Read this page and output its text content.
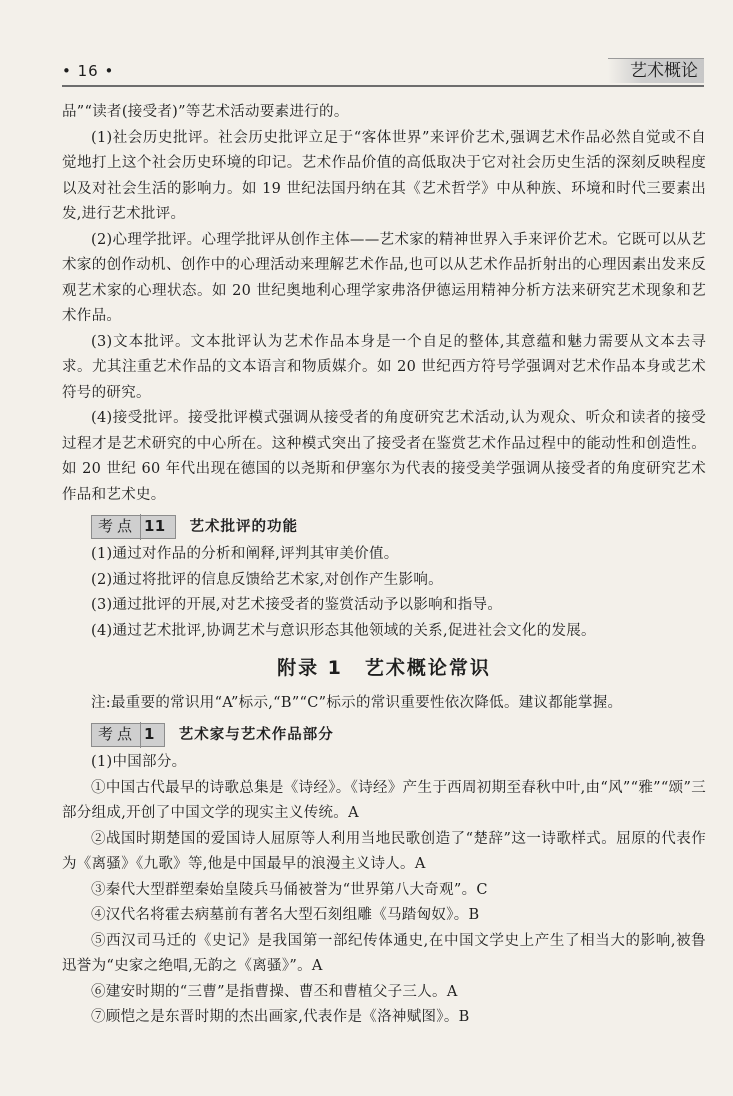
• 16 •	艺术概论

品”“读者(接受者)”等艺术活动要素进行的。

(1)社会历史批评。社会历史批评立足于“客体世界”来评价艺术,强调艺术作品必然自觉或不自觉地打上这个社会历史环境的印记。艺术作品价值的高低取决于它对社会历史生活的深刻反映程度以及对社会生活的影响力。如 19 世纪法国丹纳在其《艺术哲学》中从种族、环境和时代三要素出发,进行艺术批评。

(2)心理学批评。心理学批评从创作主体——艺术家的精神世界入手来评价艺术。它既可以从艺术家的创作动机、创作中的心理活动来理解艺术作品,也可以从艺术作品折射出的心理因素出发来反观艺术家的心理状态。如 20 世纪奥地利心理学家弗洛伊德运用精神分析方法来研究艺术现象和艺术作品。

(3)文本批评。文本批评认为艺术作品本身是一个自足的整体,其意蕴和魅力需要从文本去寻求。尤其注重艺术作品的文本语言和物质媒介。如 20 世纪西方符号学强调对艺术作品本身或艺术符号的研究。

(4)接受批评。接受批评模式强调从接受者的角度研究艺术活动,认为观众、听众和读者的接受过程才是艺术研究的中心所在。这种模式突出了接受者在鉴赏艺术作品过程中的能动性和创造性。如 20 世纪 60 年代出现在德国的以尧斯和伊塞尔为代表的接受美学强调从接受者的角度研究艺术作品和艺术史。

考点 11 艺术批评的功能

(1)通过对作品的分析和阐释,评判其审美价值。

(2)通过将批评的信息反馈给艺术家,对创作产生影响。

(3)通过批评的开展,对艺术接受者的鉴赏活动予以影响和指导。

(4)通过艺术批评,协调艺术与意识形态其他领域的关系,促进社会文化的发展。

附录 1 艺术概论常识

注:最重要的常识用“A”标示,“B”“C”标示的常识重要性依次降低。建议都能掌握。

考点 1 艺术家与艺术作品部分

(1)中国部分。

①中国古代最早的诗歌总集是《诗经》。《诗经》产生于西周初期至春秋中叶,由“风”“雅”“颂”三部分组成,开创了中国文学的现实主义传统。A

②战国时期楚国的爱国诗人屈原等人利用当地民歌创造了“楚辞”这一诗歌样式。屈原的代表作为《离骚》《九歌》等,他是中国最早的浪漫主义诗人。A

③秦代大型群塑秦始皇陵兵马俑被誉为“世界第八大奇观”。C

④汉代名将霍去病墓前有著名大型石刻组雕《马踏匈奴》。B

⑤西汉司马迁的《史记》是我国第一部纪传体通史,在中国文学史上产生了相当大的影响,被鲁迅誉为“史家之绝唱,无韵之《离骚》”。A

⑥建安时期的“三曹”是指曹操、曹丕和曹植父子三人。A

⑦顾恺之是东晋时期的杰出画家,代表作是《洛神赋图》。B
